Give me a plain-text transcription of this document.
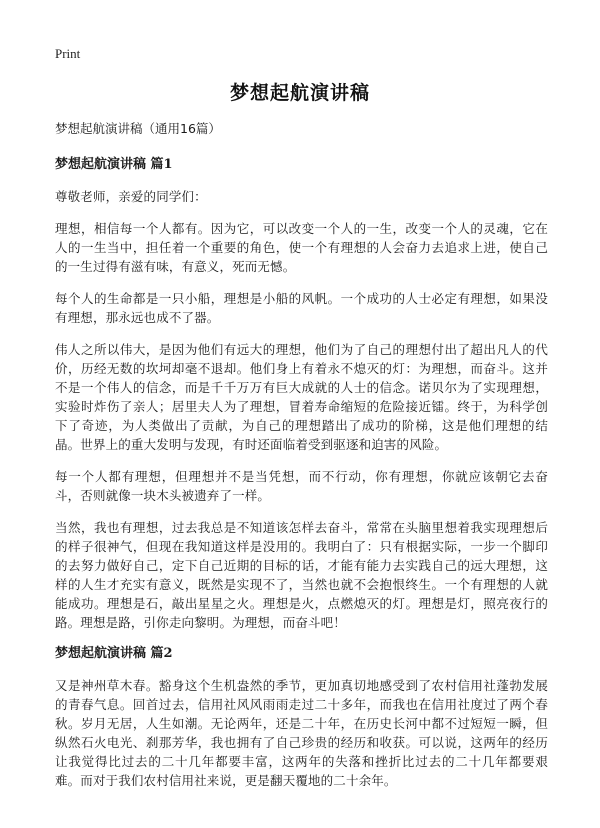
Print
梦想起航演讲稿
梦想起航演讲稿（通用16篇）
梦想起航演讲稿 篇1

尊敬老师，亲爱的同学们：

理想，相信每一个人都有。因为它，可以改变一个人的一生，改变一个人的灵魂，它在人的一生当中，担任着一个重要的角色，使一个有理想的人会奋力去追求上进，使自己的一生过得有滋有味，有意义，死而无憾。

每个人的生命都是一只小船，理想是小船的风帆。一个成功的人士必定有理想，如果没有理想，那永远也成不了器。

伟人之所以伟大，是因为他们有远大的理想，他们为了自己的理想付出了超出凡人的代价，历经无数的坎坷却毫不退却。他们身上有着永不熄灭的灯：为理想，而奋斗。这并不是一个伟人的信念，而是千千万万有巨大成就的人士的信念。诺贝尔为了实现理想，实验时炸伤了亲人；居里夫人为了理想，冒着寿命缩短的危险接近镭。终于，为科学创下了奇迹，为人类做出了贡献，为自己的理想踏出了成功的阶梯，这是他们理想的结晶。世界上的重大发明与发现，有时还面临着受到驱逐和迫害的风险。

每一个人都有理想，但理想并不是当凭想，而不行动，你有理想，你就应该朝它去奋斗，否则就像一块木头被遗弃了一样。

当然，我也有理想，过去我总是不知道该怎样去奋斗，常常在头脑里想着我实现理想后的样子很神气，但现在我知道这样是没用的。我明白了：只有根据实际，一步一个脚印的去努力做好自己，定下自己近期的目标的话，才能有能力去实践自己的远大理想，这样的人生才充实有意义，既然是实现不了，当然也就不会抱恨终生。一个有理想的人就能成功。理想是石，敲出星星之火。理想是火，点燃熄灭的灯。理想是灯，照亮夜行的路。理想是路，引你走向黎明。为理想，而奋斗吧！

梦想起航演讲稿 篇2

又是神州草木春。豁身这个生机盎然的季节，更加真切地感受到了农村信用社蓬勃发展的青春气息。回首过去，信用社风风雨雨走过二十多年，而我也在信用社度过了两个春秋。岁月无居，人生如潮。无论两年，还是二十年，在历史长河中都不过短短一瞬，但纵然石火电光、刹那芳华，我也拥有了自己珍贵的经历和收获。可以说，这两年的经历让我觉得比过去的二十几年都要丰富，这两年的失落和挫折比过去的二十几年都要艰难。而对于我们农村信用社来说，更是翻天覆地的二十余年。
